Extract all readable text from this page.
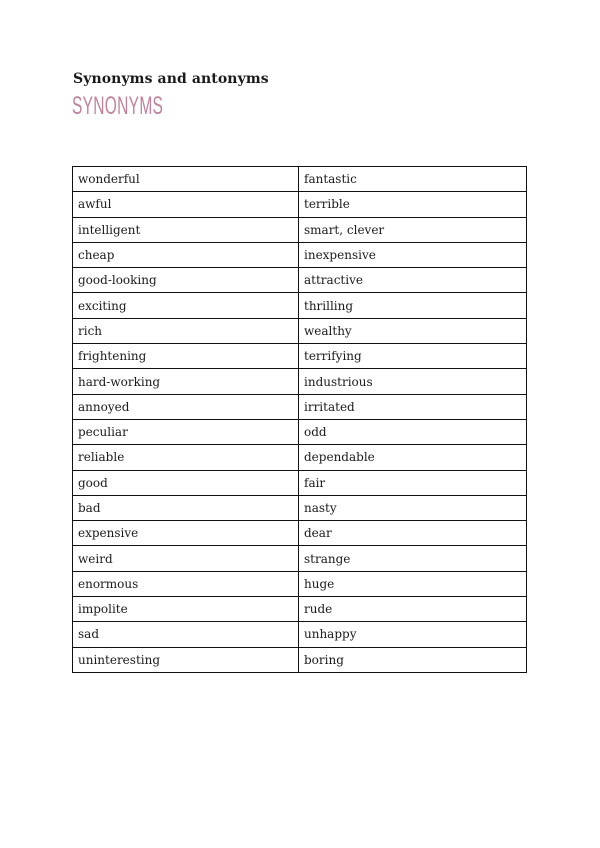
Synonyms and antonyms
SYNONYMS
wonderful	fantastic
awful	terrible
intelligent	smart, clever
cheap	inexpensive
good-looking	attractive
exciting	thrilling
rich	wealthy
frightening	terrifying
hard-working	industrious
annoyed	irritated
peculiar	odd
reliable	dependable
good	fair
bad	nasty
expensive	dear
weird	strange
enormous	huge
impolite	rude
sad	unhappy
uninteresting	boring
